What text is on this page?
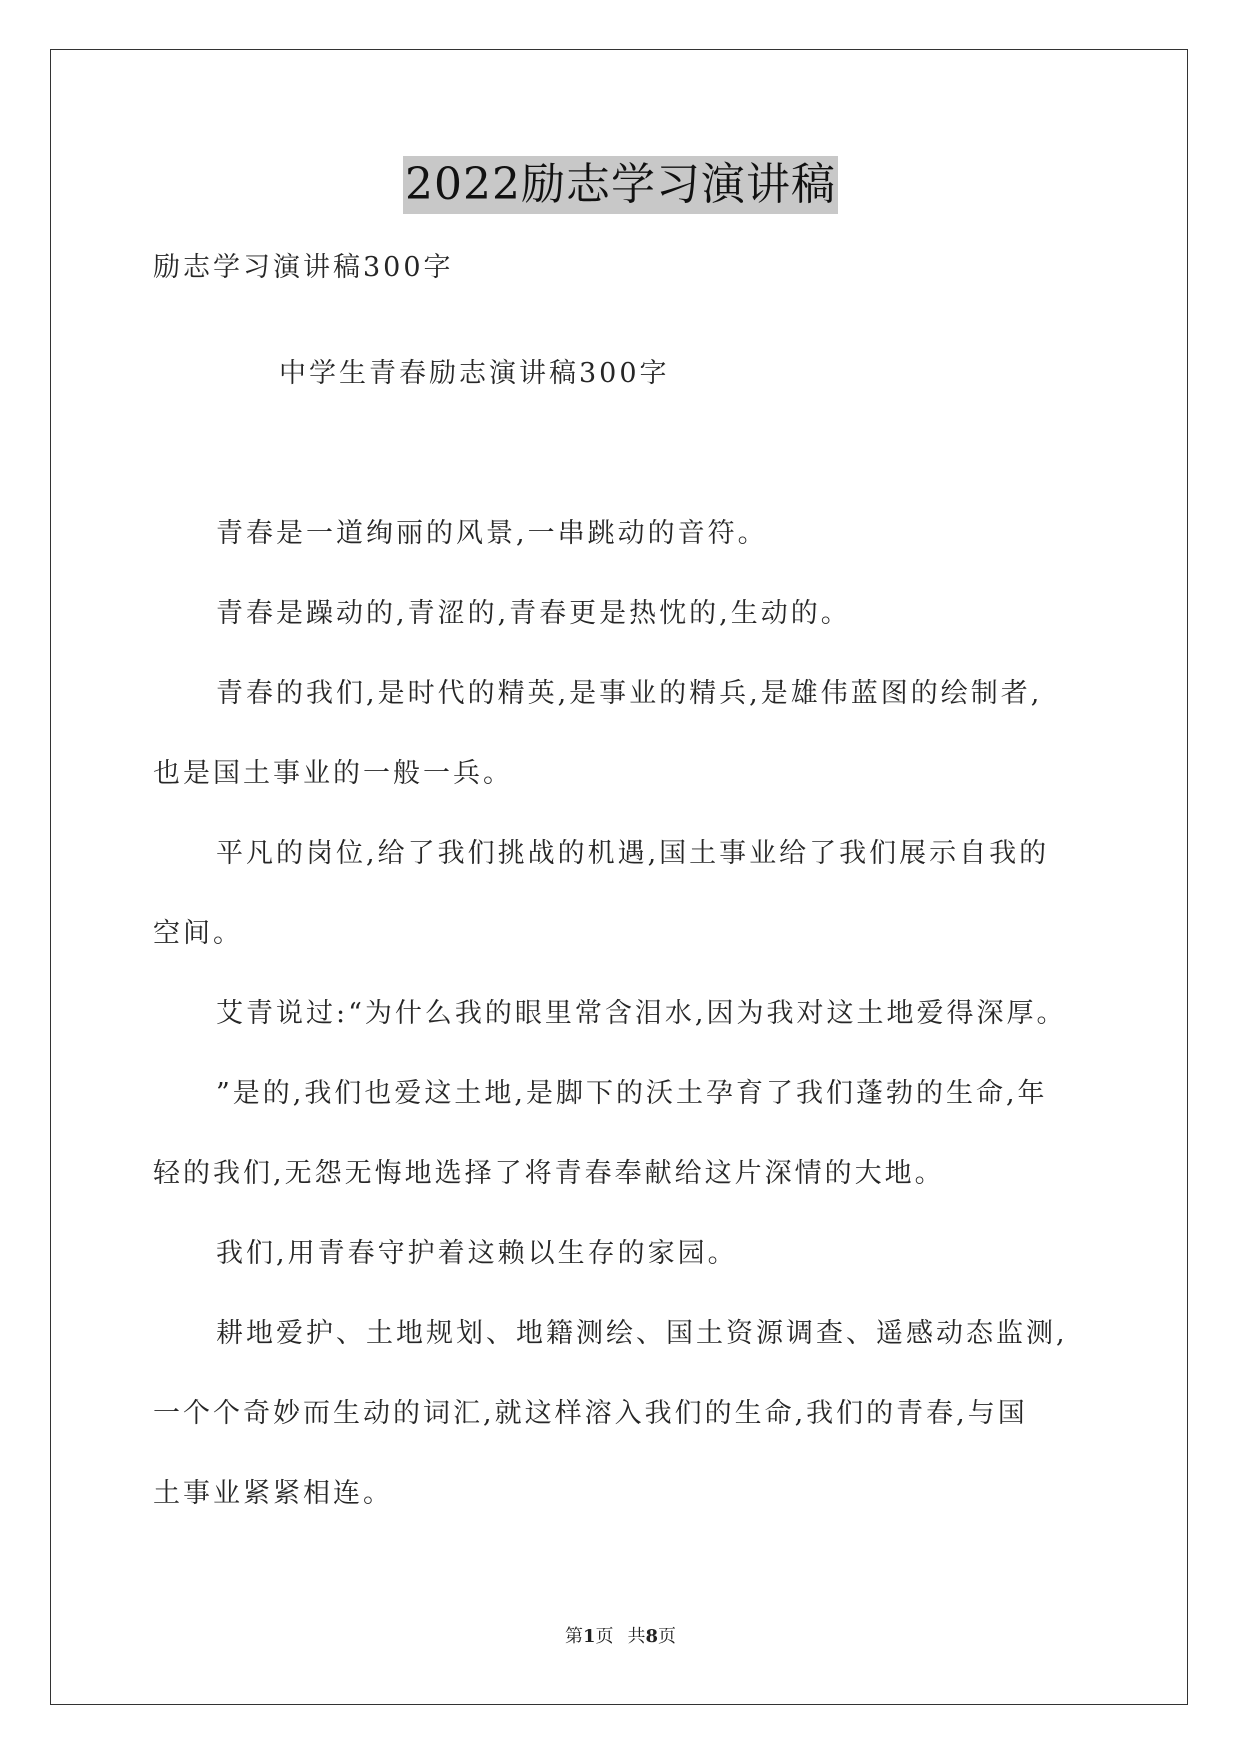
2022励志学习演讲稿
励志学习演讲稿300字
中学生青春励志演讲稿300字
青春是一道绚丽的风景,一串跳动的音符。
青春是躁动的,青涩的,青春更是热忱的,生动的。
青春的我们,是时代的精英,是事业的精兵,是雄伟蓝图的绘制者,
也是国土事业的一般一兵。
平凡的岗位,给了我们挑战的机遇,国土事业给了我们展示自我的
空间。
艾青说过:“为什么我的眼里常含泪水,因为我对这土地爱得深厚。
”是的,我们也爱这土地,是脚下的沃土孕育了我们蓬勃的生命,年
轻的我们,无怨无悔地选择了将青春奉献给这片深情的大地。
我们,用青春守护着这赖以生存的家园。
耕地爱护、土地规划、地籍测绘、国土资源调查、遥感动态监测,
一个个奇妙而生动的词汇,就这样溶入我们的生命,我们的青春,与国
土事业紧紧相连。
第1页 共8页
